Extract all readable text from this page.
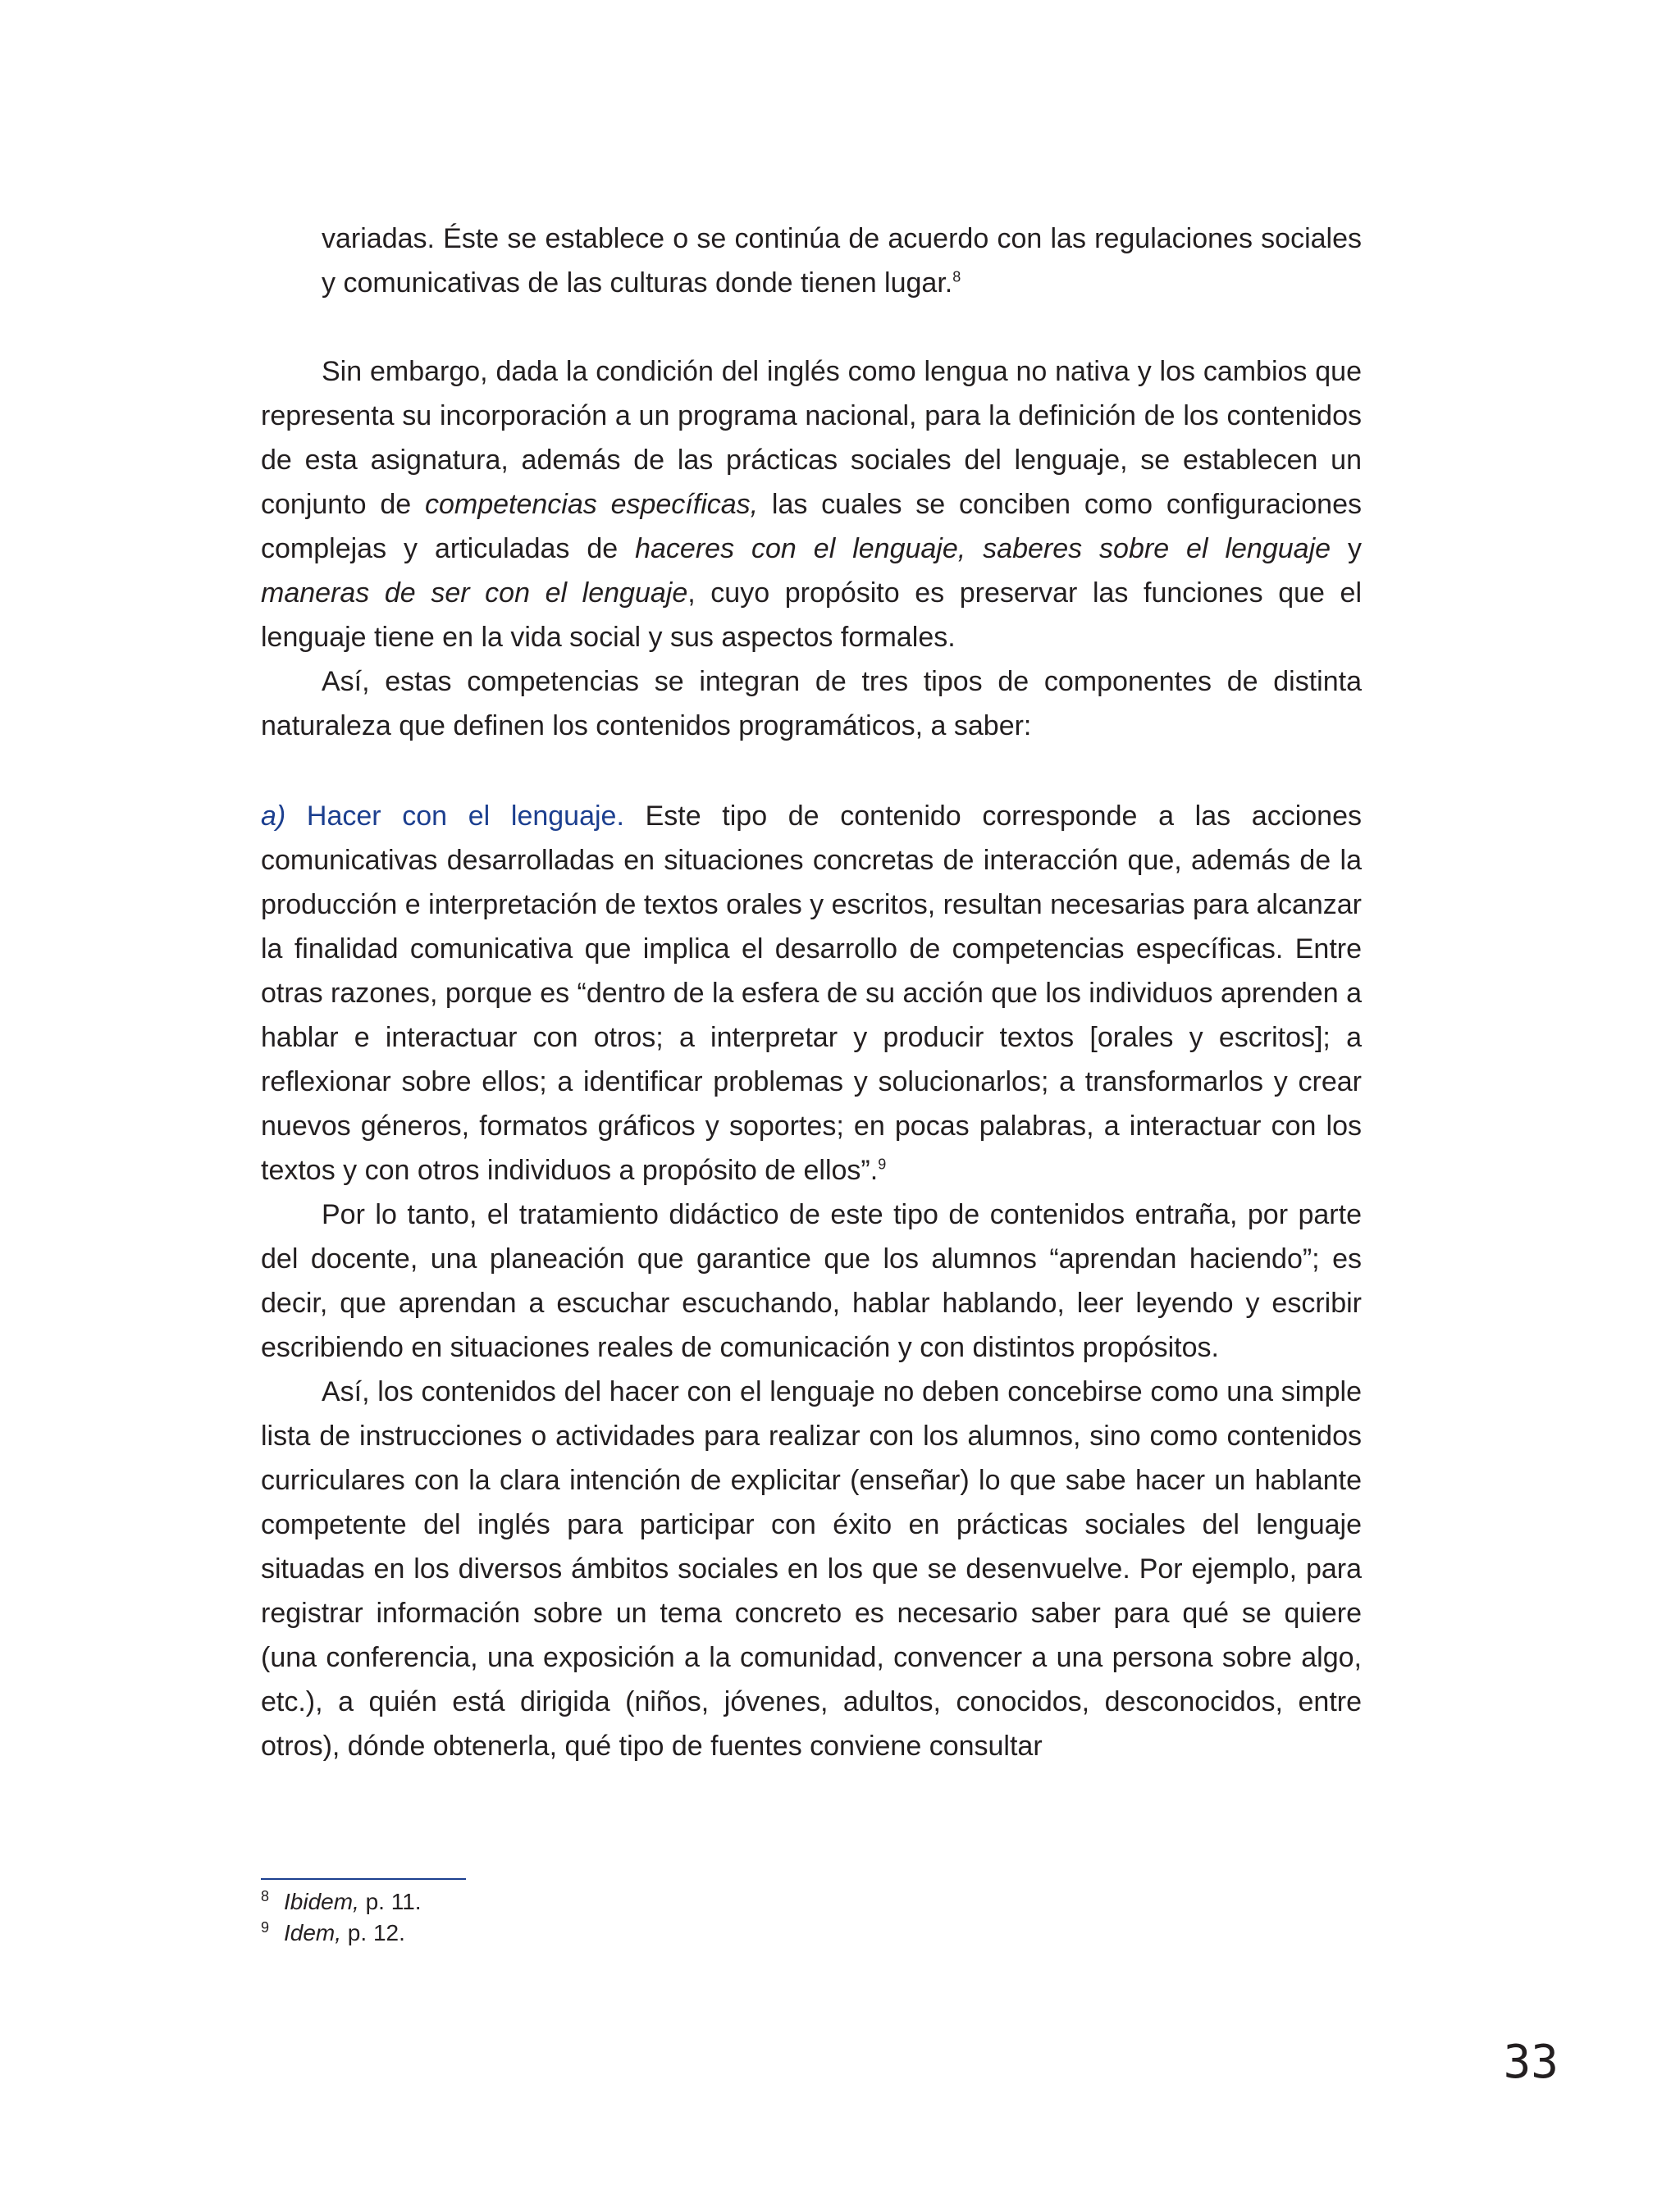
variadas. Éste se establece o se continúa de acuerdo con las regulaciones sociales y comunicativas de las culturas donde tienen lugar.$^8$

Sin embargo, dada la condición del inglés como lengua no nativa y los cambios que representa su incorporación a un programa nacional, para la definición de los contenidos de esta asignatura, además de las prácticas sociales del lenguaje, se establecen un conjunto de competencias específicas, las cuales se conciben como configuraciones complejas y articuladas de haceres con el lenguaje, saberes sobre el lenguaje y maneras de ser con el lenguaje, cuyo propósito es preservar las funciones que el lenguaje tiene en la vida social y sus aspectos formales.

Así, estas competencias se integran de tres tipos de componentes de distinta naturaleza que definen los contenidos programáticos, a saber:

a) Hacer con el lenguaje. Este tipo de contenido corresponde a las acciones comunicativas desarrolladas en situaciones concretas de interacción que, además de la producción e interpretación de textos orales y escritos, resultan necesarias para alcanzar la finalidad comunicativa que implica el desarrollo de competencias específicas. Entre otras razones, porque es “dentro de la esfera de su acción que los individuos aprenden a hablar e interactuar con otros; a interpretar y producir textos [orales y escritos]; a reflexionar sobre ellos; a identificar problemas y solucionarlos; a transformarlos y crear nuevos géneros, formatos gráficos y soportes; en pocas palabras, a interactuar con los textos y con otros individuos a propósito de ellos”.$^9$

Por lo tanto, el tratamiento didáctico de este tipo de contenidos entraña, por parte del docente, una planeación que garantice que los alumnos “aprendan haciendo”; es decir, que aprendan a escuchar escuchando, hablar hablando, leer leyendo y escribir escribiendo en situaciones reales de comunicación y con distintos propósitos.

Así, los contenidos del hacer con el lenguaje no deben concebirse como una simple lista de instrucciones o actividades para realizar con los alumnos, sino como contenidos curriculares con la clara intención de explicitar (enseñar) lo que sabe hacer un hablante competente del inglés para participar con éxito en prácticas sociales del lenguaje situadas en los diversos ámbitos sociales en los que se desenvuelve. Por ejemplo, para registrar información sobre un tema concreto es necesario saber para qué se quiere (una conferencia, una exposición a la comunidad, convencer a una persona sobre algo, etc.), a quién está dirigida (niños, jóvenes, adultos, conocidos, desconocidos, entre otros), dónde obtenerla, qué tipo de fuentes conviene consultar

8 Ibidem, p. 11.
9 Idem, p. 12.
33
